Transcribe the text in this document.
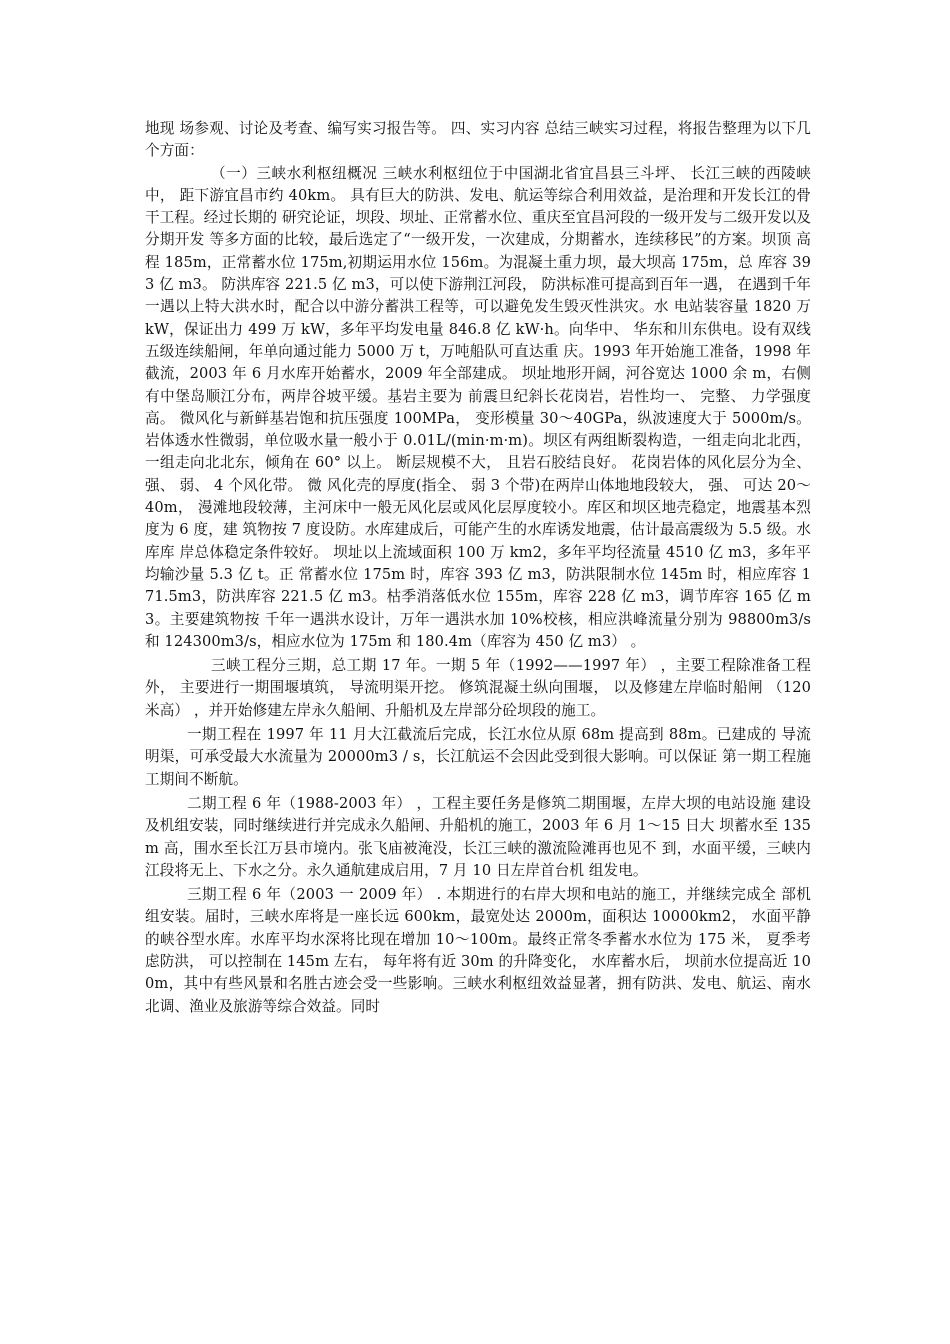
地现 场参观、讨论及考查、编写实习报告等。 四、实习内容 总结三峡实习过程，将报告整理为以下几个方面：

（一）三峡水利枢纽概况 三峡水利枢纽位于中国湖北省宜昌县三斗坪、 长江三峡的西陵峡中， 距下游宜昌市约 40km。 具有巨大的防洪、发电、航运等综合利用效益，是治理和开发长江的骨干工程。经过长期的 研究论证，坝段、坝址、正常蓄水位、重庆至宜昌河段的一级开发与二级开发以及分期开发 等多方面的比较，最后选定了“一级开发，一次建成，分期蓄水，连续移民”的方案。坝顶 高程 185m，正常蓄水位 175m,初期运用水位 156m。为混凝土重力坝，最大坝高 175m，总 库容 393 亿 m3。 防洪库容 221.5 亿 m3，可以使下游荆江河段， 防洪标准可提高到百年一遇， 在遇到千年一遇以上特大洪水时，配合以中游分蓄洪工程等，可以避免发生毁灭性洪灾。水 电站装容量 1820 万 kW，保证出力 499 万 kW，多年平均发电量 846.8 亿 kW·h。向华中、 华东和川东供电。设有双线五级连续船闸，年单向通过能力 5000 万 t，万吨船队可直达重 庆。1993 年开始施工准备，1998 年截流，2003 年 6 月水库开始蓄水，2009 年全部建成。 坝址地形开阔，河谷宽达 1000 余 m，右侧有中堡岛顺江分布，两岸谷坡平缓。基岩主要为 前震旦纪斜长花岗岩，岩性均一、 完整、 力学强度高。 微风化与新鲜基岩饱和抗压强度 100MPa， 变形模量 30～40GPa，纵波速度大于 5000m/s。岩体透水性微弱，单位吸水量一般小于 0.01L/(min·m·m)。坝区有两组断裂构造，一组走向北北西，一组走向北北东，倾角在 60° 以上。 断层规模不大， 且岩石胶结良好。 花岗岩体的风化层分为全、 强、 弱、 4 个风化带。 微 风化壳的厚度(指全、 弱 3 个带)在两岸山体地地段较大， 强、 可达 20～40m， 漫滩地段较薄，主河床中一般无风化层或风化层厚度较小。库区和坝区地壳稳定，地震基本烈度为 6 度，建 筑物按 7 度设防。水库建成后，可能产生的水库诱发地震，估计最高震级为 5.5 级。水库库 岸总体稳定条件较好。 坝址以上流域面积 100 万 km2，多年平均径流量 4510 亿 m3，多年平均输沙量 5.3 亿 t。正 常蓄水位 175m 时，库容 393 亿 m3，防洪限制水位 145m 时，相应库容 171.5m3，防洪库容 221.5 亿 m3。枯季消落低水位 155m，库容 228 亿 m3，调节库容 165 亿 m3。主要建筑物按 千年一遇洪水设计，万年一遇洪水加 10%校核，相应洪峰流量分别为 98800m3/s 和 124300m3/s，相应水位为 175m 和 180.4m（库容为 450 亿 m3） 。

三峡工程分三期，总工期 17 年。一期 5 年（1992——1997 年） ，主要工程除准备工程外， 主要进行一期围堰填筑， 导流明渠开挖。 修筑混凝土纵向围堰， 以及修建左岸临时船闸 （120 米高） ，并开始修建左岸永久船闸、升船机及左岸部分砼坝段的施工。

一期工程在 1997 年 11 月大江截流后完成，长江水位从原 68m 提高到 88m。已建成的 导流明渠，可承受最大水流量为 20000m3 / s，长江航运不会因此受到很大影响。可以保证 第一期工程施工期间不断航。

二期工程 6 年（1988-2003 年） ，工程主要任务是修筑二期围堰，左岸大坝的电站设施 建设及机组安装，同时继续进行并完成永久船闸、升船机的施工，2003 年 6 月 1～15 日大 坝蓄水至 135m 高，围水至长江万县市境内。张飞庙被淹没，长江三峡的激流险滩再也见不 到，水面平缓，三峡内江段将无上、下水之分。永久通航建成启用，7 月 10 日左岸首台机 组发电。

三期工程 6 年（2003 一 2009 年） . 本期进行的右岸大坝和电站的施工，并继续完成全 部机组安装。届时，三峡水库将是一座长远 600km，最宽处达 2000m，面积达 10000km2， 水面平静的峡谷型水库。水库平均水深将比现在增加 10～100m。最终正常冬季蓄水水位为 175 米， 夏季考虑防洪， 可以控制在 145m 左右， 每年将有近 30m 的升降变化， 水库蓄水后， 坝前水位提高近 100m，其中有些风景和名胜古迹会受一些影响。三峡水利枢纽效益显著，拥有防洪、发电、航运、南水北调、渔业及旅游等综合效益。同时
